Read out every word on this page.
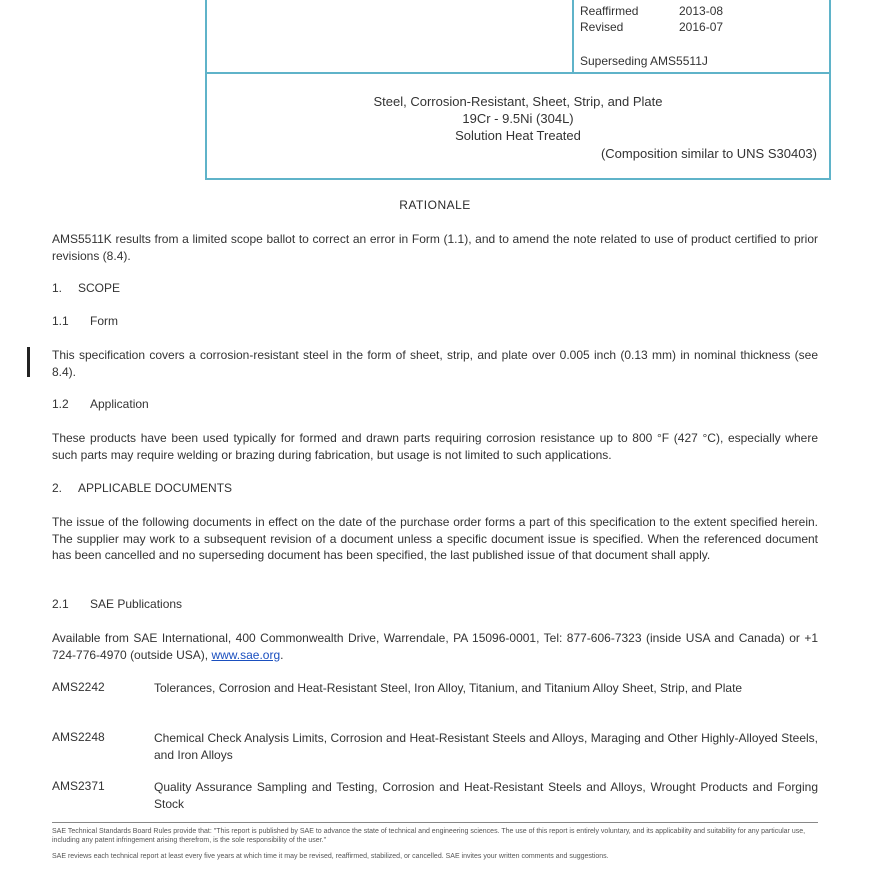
Reaffirmed	2013-08
Revised	2016-07
Superseding AMS5511J
Steel, Corrosion-Resistant, Sheet, Strip, and Plate
19Cr - 9.5Ni (304L)
Solution Heat Treated
(Composition similar to UNS S30403)
RATIONALE
AMS5511K results from a limited scope ballot to correct an error in Form (1.1), and to amend the note related to use of product certified to prior revisions (8.4).
1. SCOPE
1.1 Form
This specification covers a corrosion-resistant steel in the form of sheet, strip, and plate over 0.005 inch (0.13 mm) in nominal thickness (see 8.4).
1.2 Application
These products have been used typically for formed and drawn parts requiring corrosion resistance up to 800 °F (427 °C), especially where such parts may require welding or brazing during fabrication, but usage is not limited to such applications.
2. APPLICABLE DOCUMENTS
The issue of the following documents in effect on the date of the purchase order forms a part of this specification to the extent specified herein. The supplier may work to a subsequent revision of a document unless a specific document issue is specified. When the referenced document has been cancelled and no superseding document has been specified, the last published issue of that document shall apply.
2.1 SAE Publications
Available from SAE International, 400 Commonwealth Drive, Warrendale, PA 15096-0001, Tel: 877-606-7323 (inside USA and Canada) or +1 724-776-4970 (outside USA), www.sae.org.
AMS2242	Tolerances, Corrosion and Heat-Resistant Steel, Iron Alloy, Titanium, and Titanium Alloy Sheet, Strip, and Plate
AMS2248	Chemical Check Analysis Limits, Corrosion and Heat-Resistant Steels and Alloys, Maraging and Other Highly-Alloyed Steels, and Iron Alloys
AMS2371	Quality Assurance Sampling and Testing, Corrosion and Heat-Resistant Steels and Alloys, Wrought Products and Forging Stock
SAE Technical Standards Board Rules provide that: "This report is published by SAE to advance the state of technical and engineering sciences. The use of this report is entirely voluntary, and its applicability and suitability for any particular use, including any patent infringement arising therefrom, is the sole responsibility of the user."
SAE reviews each technical report at least every five years at which time it may be revised, reaffirmed, stabilized, or cancelled. SAE invites your written comments and suggestions.
